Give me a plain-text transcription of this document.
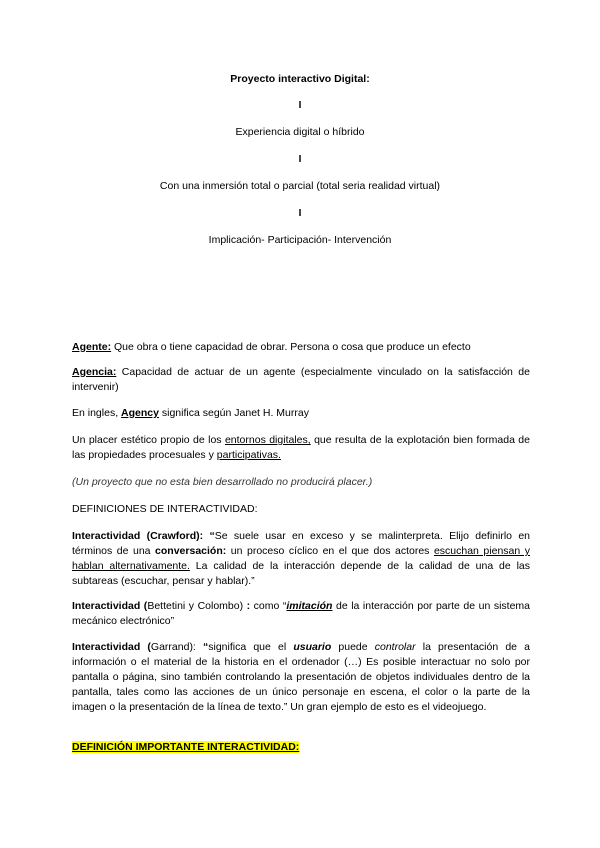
Proyecto interactivo Digital:
I
Experiencia digital o híbrido
I
Con una inmersión total o parcial (total seria realidad virtual)
I
Implicación- Participación- Intervención
Agente: Que obra o tiene capacidad de obrar. Persona o cosa que produce un efecto
Agencia: Capacidad de actuar de un agente (especialmente vinculado on la satisfacción de intervenir)
En ingles, Agency significa según Janet H. Murray
Un placer estético propio de los entornos digitales, que resulta de la explotación bien formada de las propiedades procesuales y participativas.
(Un proyecto que no esta bien desarrollado no producirá placer.)
DEFINICIONES DE INTERACTIVIDAD:
Interactividad (Crawford): “Se suele usar en exceso y se malinterpreta. Elijo definirlo en términos de una conversación: un proceso cíclico en el que dos actores escuchan piensan y hablan alternativamente. La calidad de la interacción depende de la calidad de una de las subtareas (escuchar, pensar y hablar).”
Interactividad (Bettetini y Colombo) : como “imitación de la interacción por parte de un sistema mecánico electrónico”
Interactividad (Garrand): “significa que el usuario puede controlar la presentación de a información o el material de la historia en el ordenador (…) Es posible interactuar no solo por pantalla o página, sino también controlando la presentación de objetos individuales dentro de la pantalla, tales como las acciones de un único personaje en escena, el color o la parte de la imagen o la presentación de la línea de texto.” Un gran ejemplo de esto es el videojuego.
DEFINICIÓN IMPORTANTE INTERACTIVIDAD:
